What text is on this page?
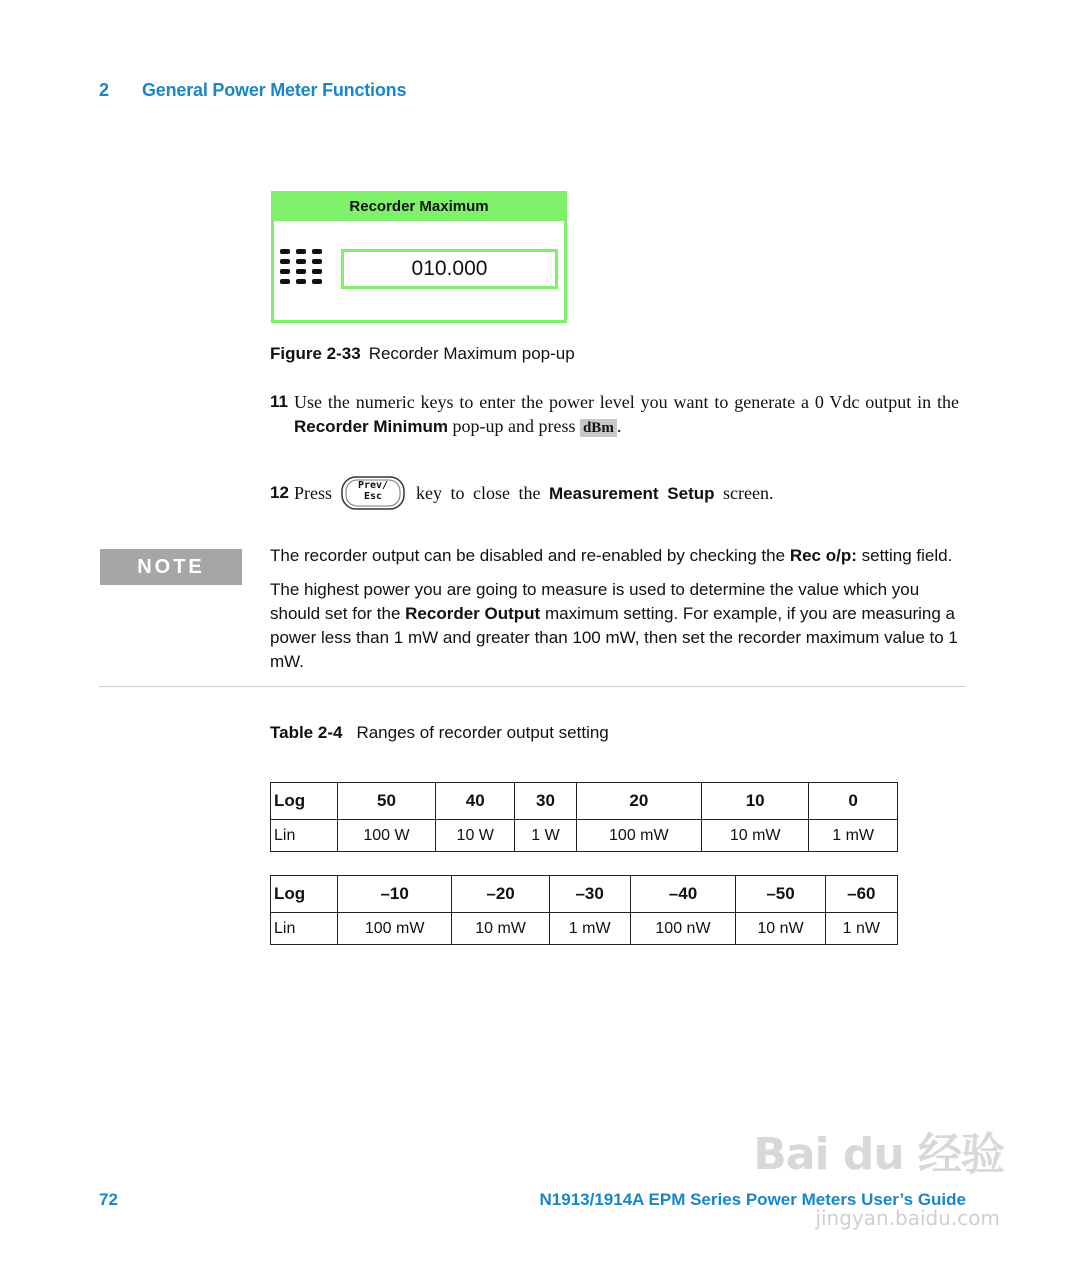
2 General Power Meter Functions
Recorder Maximum
010.000
Figure 2-33 Recorder Maximum pop-up
11 Use the numeric keys to enter the power level you want to generate a 0 Vdc output in the Recorder Minimum pop-up and press dBm .
12 Press	Prev/
Esc	key to close the Measurement Setup screen.
NOTE
The recorder output can be disabled and re-enabled by checking the Rec o/p: setting field.
The highest power you are going to measure is used to determine the value which you should set for the Recorder Output maximum setting. For example, if you are measuring a power less than 1 mW and greater than 100 mW, then set the recorder maximum value to 1 mW.
Table 2-4 Ranges of recorder output setting
Log	50	40	30	20	10	0
Lin	100 W	10 W	1 W	100 mW	10 mW	1 mW
Log	–10	–20	–30	–40	–50	–60
Lin	100 mW	10 mW	1 mW	100 nW	10 nW	1 nW
Bai du 经验
jingyan.baidu.com
72	N1913/1914A EPM Series Power Meters User’s Guide
